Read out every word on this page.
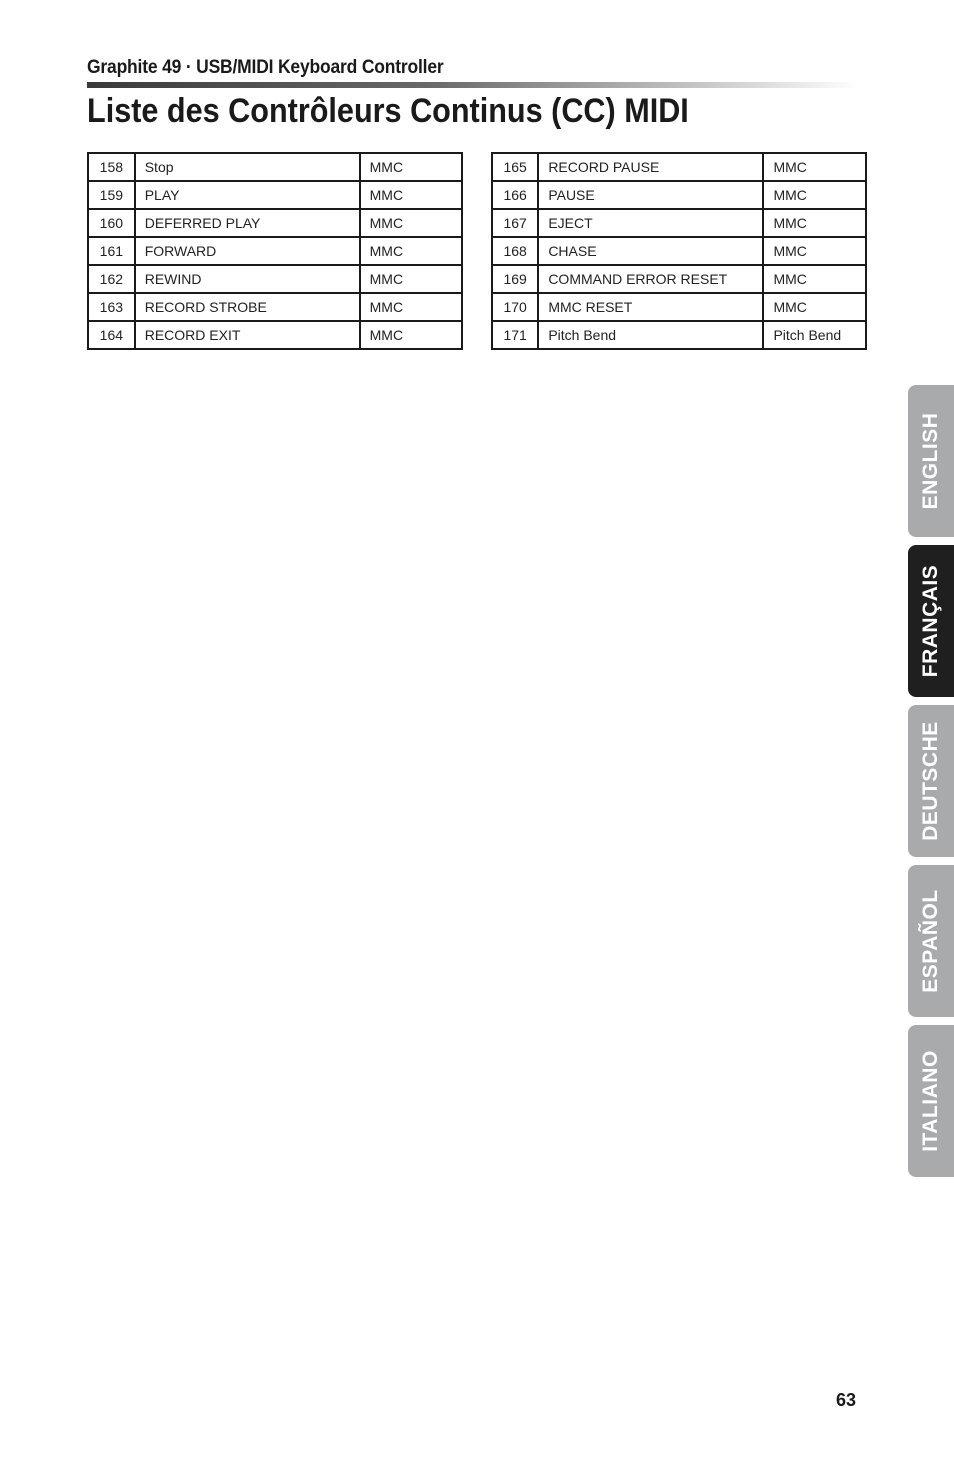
Graphite 49 · USB/MIDI Keyboard Controller
Liste des Contrôleurs Continus (CC) MIDI
158	Stop	MMC
159	PLAY	MMC
160	DEFERRED PLAY	MMC
161	FORWARD	MMC
162	REWIND	MMC
163	RECORD STROBE	MMC
164	RECORD EXIT	MMC
165	RECORD PAUSE	MMC
166	PAUSE	MMC
167	EJECT	MMC
168	CHASE	MMC
169	COMMAND ERROR RESET	MMC
170	MMC RESET	MMC
171	Pitch Bend	Pitch Bend
ENGLISH
FRANÇAIS
DEUTSCHE
ESPAÑOL
ITALIANO
63
